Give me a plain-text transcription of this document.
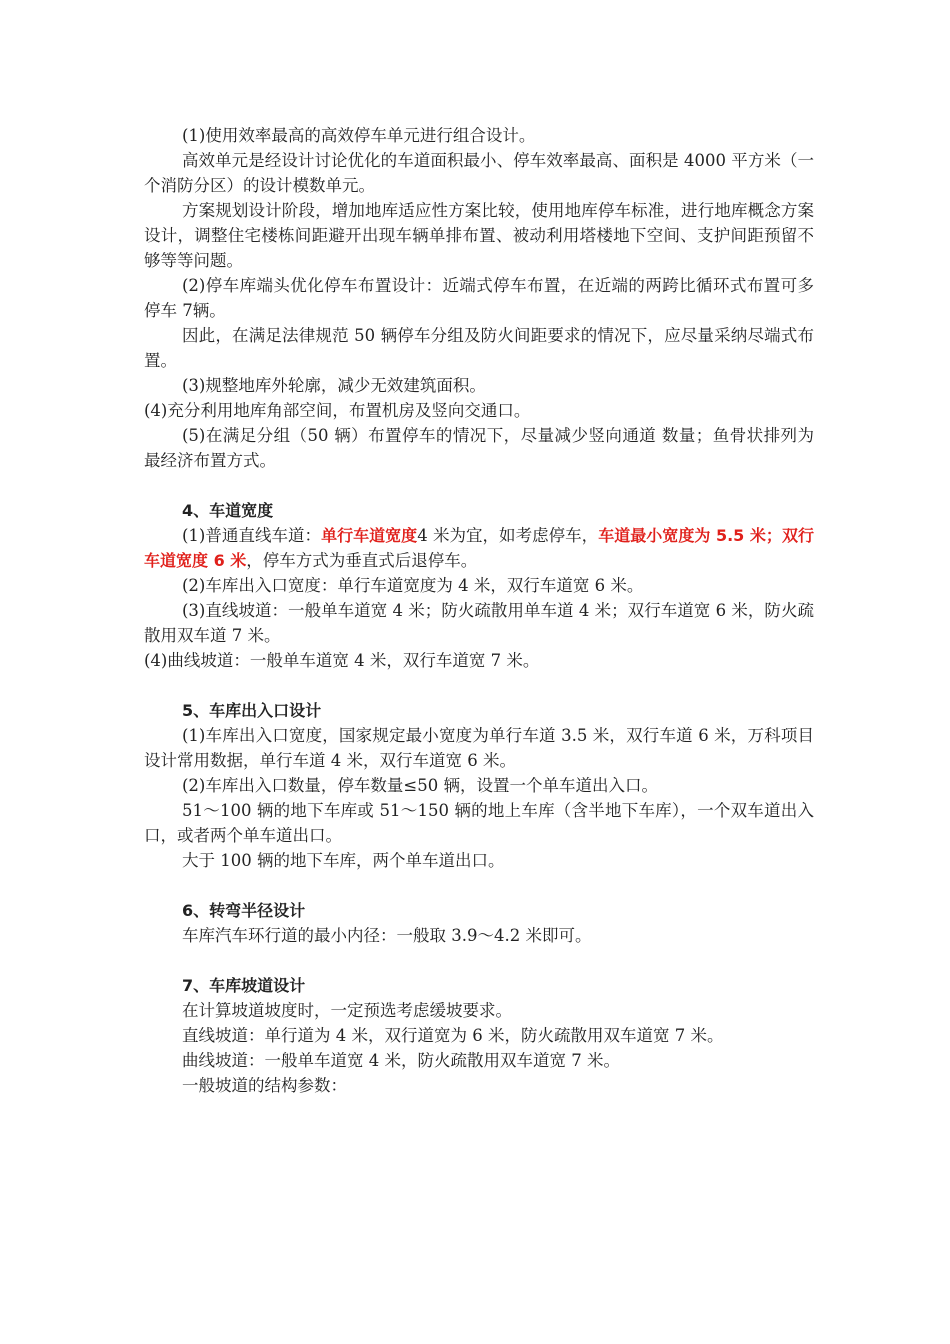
(1)使用效率最高的高效停车单元进行组合设计。

高效单元是经设计讨论优化的车道面积最小、停车效率最高、面积是 4000 平方米（一个消防分区）的设计模数单元。

方案规划设计阶段，增加地库适应性方案比较，使用地库停车标准，进行地库概念方案设计，调整住宅楼栋间距避开出现车辆单排布置、被动利用塔楼地下空间、支护间距预留不够等等问题。

(2)停车库端头优化停车布置设计：近端式停车布置，在近端的两跨比循环式布置可多停车 7辆。

因此，在满足法律规范 50 辆停车分组及防火间距要求的情况下，应尽量采纳尽端式布置。

(3)规整地库外轮廓，减少无效建筑面积。

(4)充分利用地库角部空间，布置机房及竖向交通口。

(5)在满足分组（50 辆）布置停车的情况下，尽量减少竖向通道 数量；鱼骨状排列为最经济布置方式。

4、车道宽度

(1)普通直线车道：单行车道宽度4 米为宜，如考虑停车，车道最小宽度为 5.5 米；双行车道宽度 6 米，停车方式为垂直式后退停车。

(2)车库出入口宽度：单行车道宽度为 4 米，双行车道宽 6 米。

(3)直线坡道：一般单车道宽 4 米；防火疏散用单车道 4 米；双行车道宽 6 米，防火疏散用双车道 7 米。

(4)曲线坡道：一般单车道宽 4 米，双行车道宽 7 米。

5、车库出入口设计

(1)车库出入口宽度，国家规定最小宽度为单行车道 3.5 米，双行车道 6 米，万科项目设计常用数据，单行车道 4 米，双行车道宽 6 米。

(2)车库出入口数量，停车数量≤50 辆，设置一个单车道出入口。

51～100 辆的地下车库或 51～150 辆的地上车库（含半地下车库），一个双车道出入口，或者两个单车道出口。

大于 100 辆的地下车库，两个单车道出口。

6、转弯半径设计

车库汽车环行道的最小内径：一般取 3.9～4.2 米即可。

7、车库坡道设计

在计算坡道坡度时，一定预选考虑缓坡要求。

直线坡道：单行道为 4 米，双行道宽为 6 米，防火疏散用双车道宽 7 米。

曲线坡道：一般单车道宽 4 米，防火疏散用双车道宽 7 米。

一般坡道的结构参数：
